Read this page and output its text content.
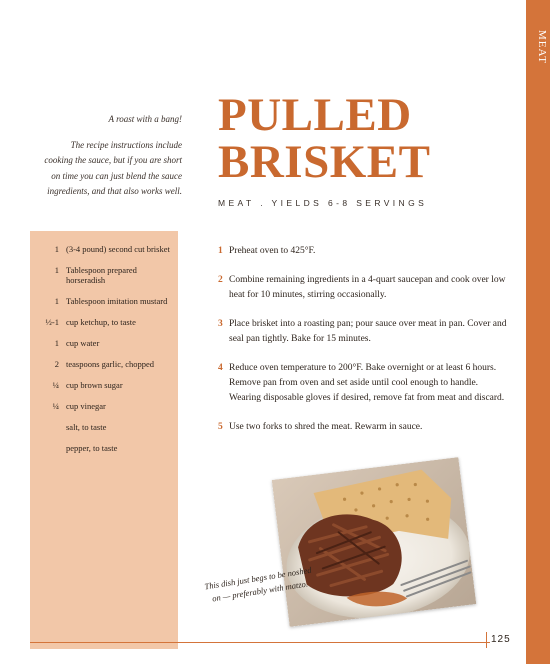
MEAT

A roast with a bang!

The recipe instructions include cooking the sauce, but if you are short on time you can just blend the sauce ingredients, and that also works well.

PULLED
BRISKET
MEAT . YIELDS 6-8 SERVINGS
1 (3-4 pound) second cut brisket
1 Tablespoon prepared horseradish
1 Tablespoon imitation mustard
½-1 cup ketchup, to taste
1 cup water
2 teaspoons garlic, chopped
¼ cup brown sugar
¼ cup vinegar
salt, to taste
pepper, to taste
1 Preheat oven to 425°F.
2 Combine remaining ingredients in a 4-quart saucepan and cook over low heat for 10 minutes, stirring occasionally.
3 Place brisket into a roasting pan; pour sauce over meat in pan. Cover and seal pan tightly. Bake for 15 minutes.
4 Reduce oven temperature to 200°F. Bake overnight or at least 6 hours. Remove pan from oven and set aside until cool enough to handle. Wearing disposable gloves if desired, remove fat from meat and discard.
5 Use two forks to shred the meat. Rewarm in sauce.
This dish just begs to be noshed on — preferably with matzo.
125
